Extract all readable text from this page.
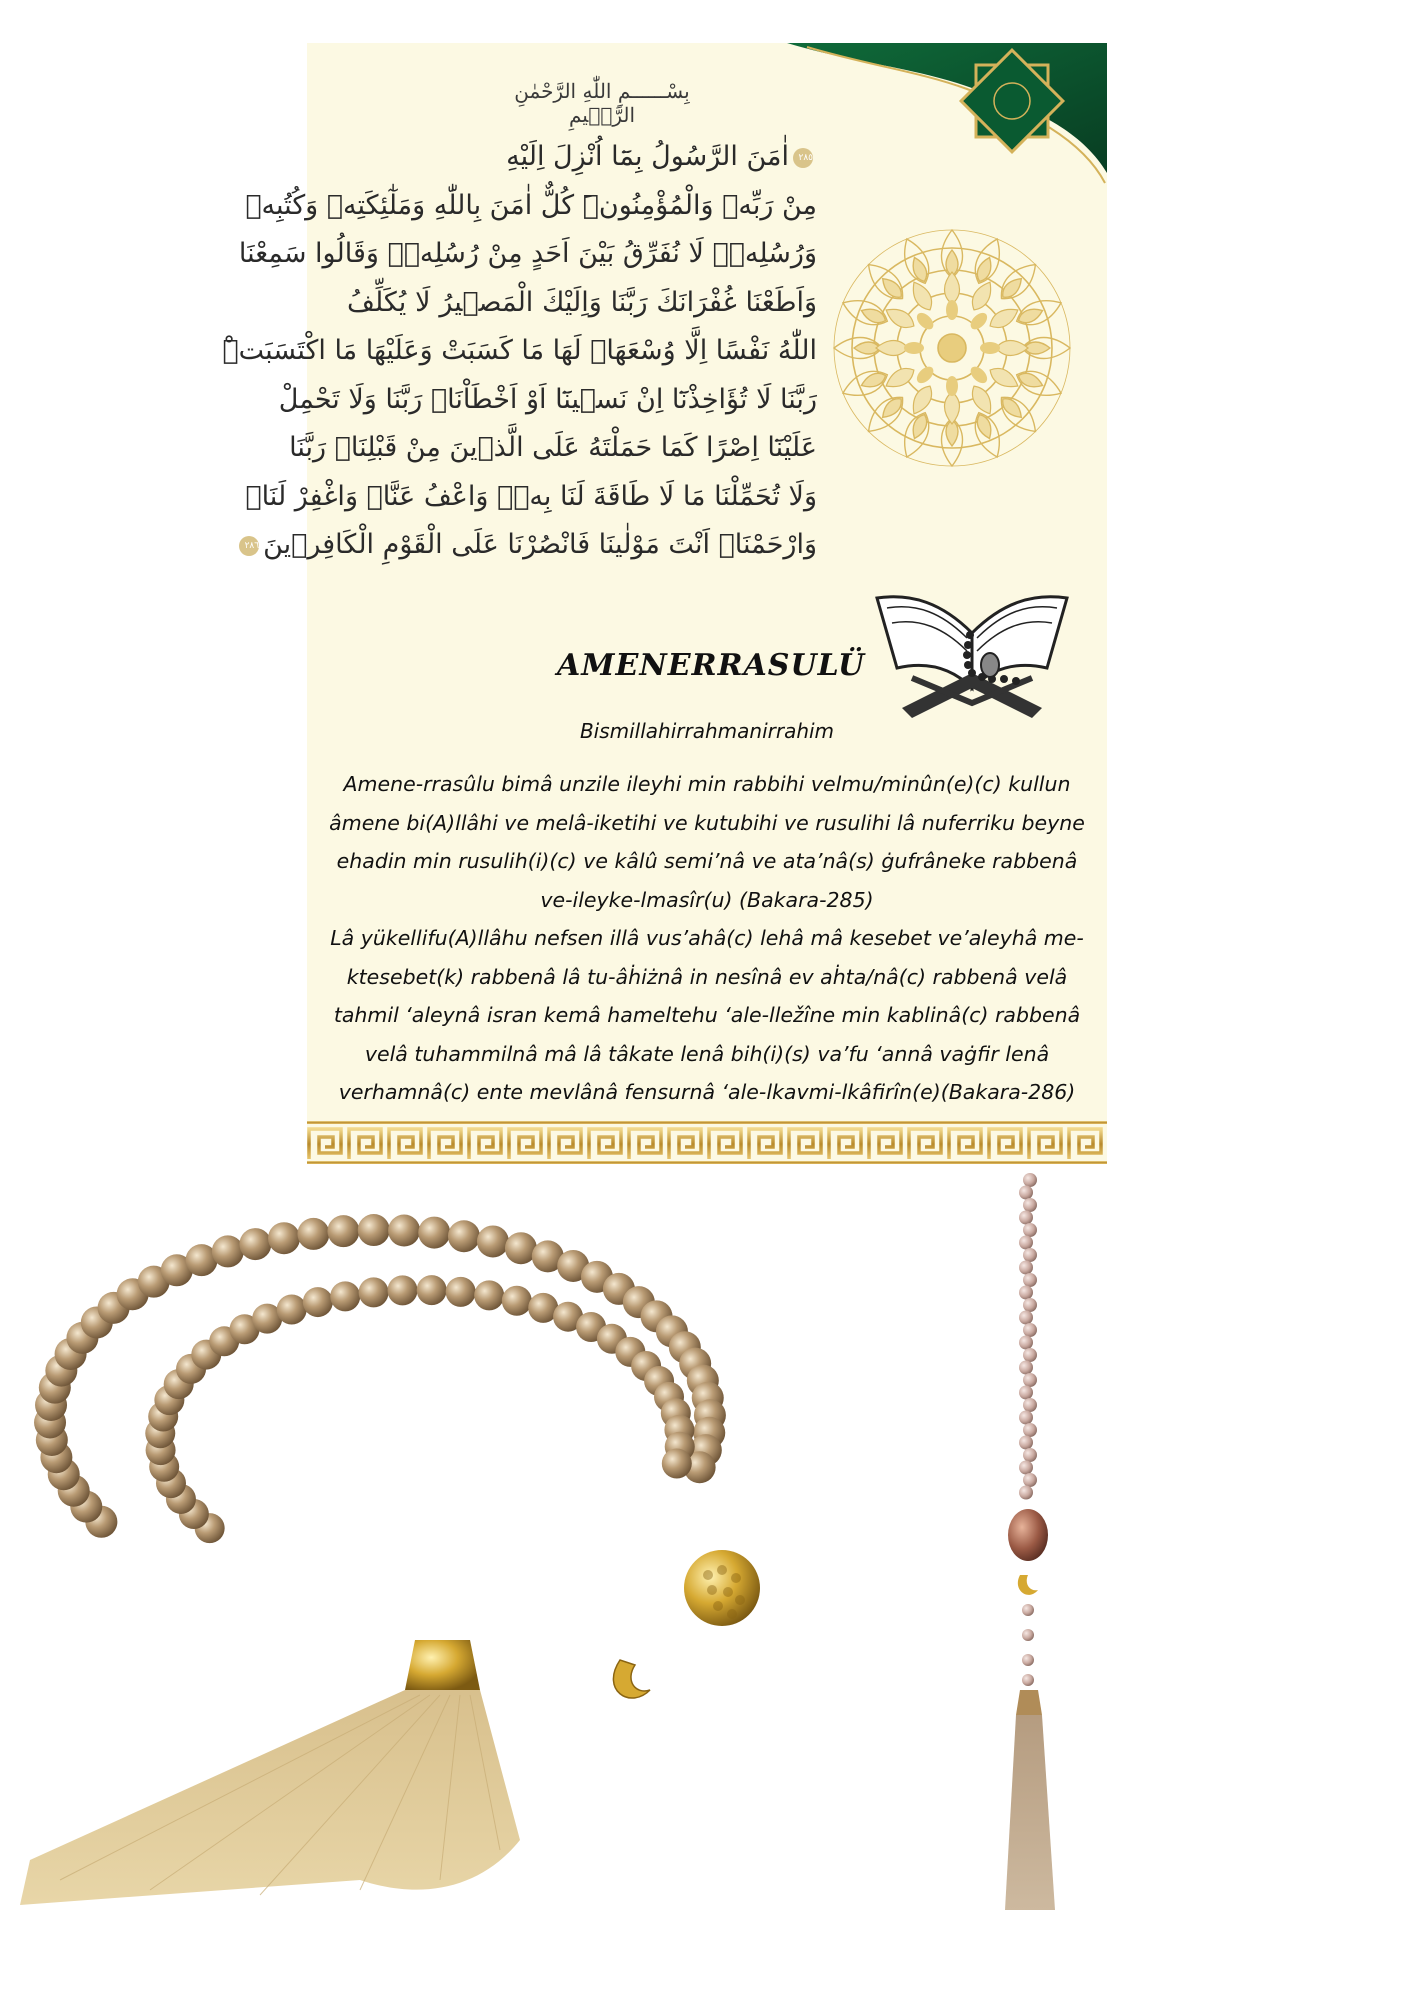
بِسْــــــمِ اللّٰهِ الرَّحْمٰنِ الرَّح۪يمِ
٢٨٥اٰمَنَ الرَّسُولُ بِمَٓا اُنْزِلَ اِلَيْهِ
مِنْ رَبِّه۪ وَالْمُؤْمِنُونَۜ كُلٌّ اٰمَنَ بِاللّٰهِ وَمَلٰٓئِكَتِه۪ وَكُتُبِه۪
وَرُسُلِه۪ۜ لَا نُفَرِّقُ بَيْنَ اَحَدٍ مِنْ رُسُلِه۪ۜ وَقَالُوا سَمِعْنَا
وَاَطَعْنَا غُفْرَانَكَ رَبَّنَا وَاِلَيْكَ الْمَص۪يرُ لَا يُكَلِّفُ
اللّٰهُ نَفْسًا اِلَّا وُسْعَهَاۜ لَهَا مَا كَسَبَتْ وَعَلَيْهَا مَا اكْتَسَبَتْۜ
رَبَّنَا لَا تُؤَاخِذْنَٓا اِنْ نَس۪ينَٓا اَوْ اَخْطَاْنَاۚ رَبَّنَا وَلَا تَحْمِلْ
عَلَيْنَٓا اِصْرًا كَمَا حَمَلْتَهُ عَلَى الَّذ۪ينَ مِنْ قَبْلِنَاۚ رَبَّنَا
وَلَا تُحَمِّلْنَا مَا لَا طَاقَةَ لَنَا بِه۪ۚ وَاعْفُ عَنَّاࣞ وَاغْفِرْ لَنَاࣞ
وَارْحَمْنَاࣞ اَنْتَ مَوْلٰينَا فَانْصُرْنَا عَلَى الْقَوْمِ الْكَافِر۪ينَ٢٨٦
AMENERRASULÜ
Bismillahirrahmanirrahim
Amene-rrasûlu bimâ unzile ileyhi min rabbihi velmu/minûn(e)(c) kullun
âmene bi(A)llâhi ve melâ-iketihi ve kutubihi ve rusulihi lâ nuferriku beyne
ehadin min rusulih(i)(c) ve kâlû semi’nâ ve ata’nâ(s) ġufrâneke rabbenâ
ve-ileyke-lmasîr(u) (Bakara-285)
Lâ yükellifu(A)llâhu nefsen illâ vus’ahâ(c) lehâ mâ kesebet ve’aleyhâ me-
ktesebet(k) rabbenâ lâ tu-âḣiżnâ in nesînâ ev aḣta/nâ(c) rabbenâ velâ
tahmil ‘aleynâ isran kemâ hameltehu ‘ale-lležîne min kablinâ(c) rabbenâ
velâ tuhammilnâ mâ lâ tâkate lenâ bih(i)(s) va’fu ‘annâ vaġfir lenâ
verhamnâ(c) ente mevlânâ fensurnâ ‘ale-lkavmi-lkâfirîn(e)(Bakara-286)
